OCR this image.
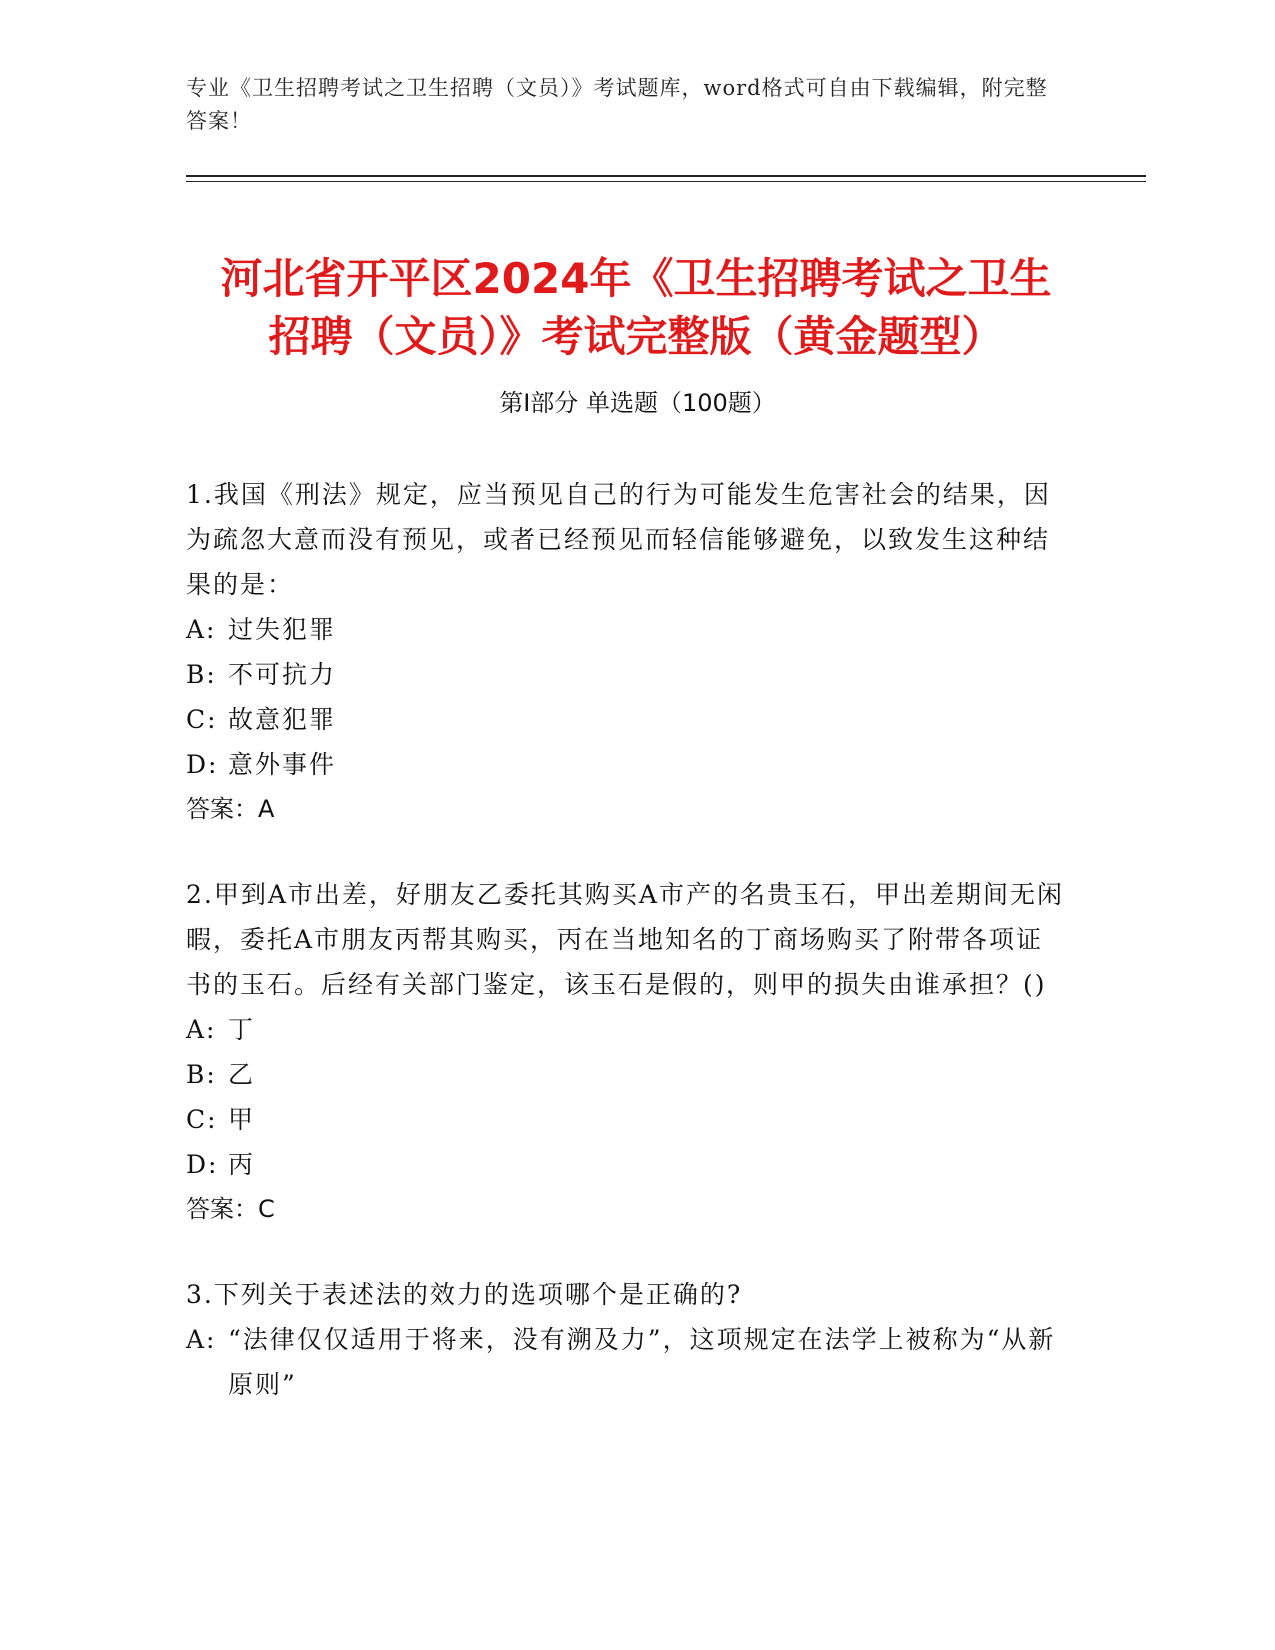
专业《卫生招聘考试之卫生招聘（文员）》考试题库，word格式可自由下载编辑，附完整答案！
河北省开平区2024年《卫生招聘考试之卫生
招聘（文员）》考试完整版（黄金题型）
第Ⅰ部分 单选题（100题）

1.我国《刑法》规定，应当预见自己的行为可能发生危害社会的结果，因为疏忽大意而没有预见，或者已经预见而轻信能够避免，以致发生这种结果的是：

A: 过失犯罪
B: 不可抗力
C: 故意犯罪
D: 意外事件
答案：A

2.甲到A市出差，好朋友乙委托其购买A市产的名贵玉石，甲出差期间无闲暇，委托A市朋友丙帮其购买，丙在当地知名的丁商场购买了附带各项证书的玉石。后经有关部门鉴定，该玉石是假的，则甲的损失由谁承担？()

A: 丁
B: 乙
C: 甲
D: 丙
答案：C

3.下列关于表述法的效力的选项哪个是正确的?

A: “法律仅仅适用于将来，没有溯及力”，这项规定在法学上被称为“从新原则”
